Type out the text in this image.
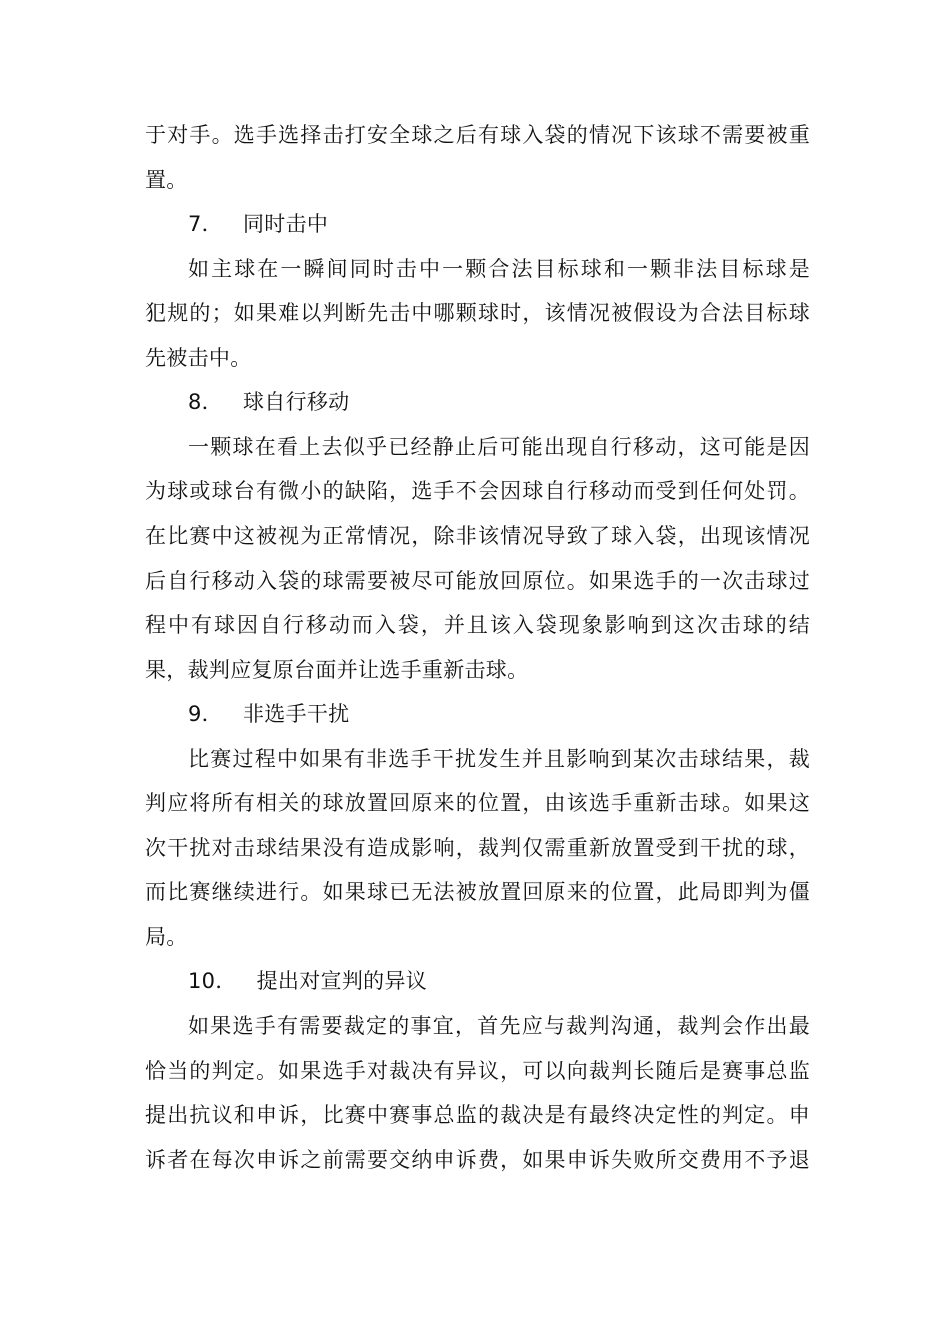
于对手。选手选择击打安全球之后有球入袋的情况下该球不需要被重
置。
7． 同时击中
如主球在一瞬间同时击中一颗合法目标球和一颗非法目标球是
犯规的；如果难以判断先击中哪颗球时，该情况被假设为合法目标球
先被击中。
8． 球自行移动
一颗球在看上去似乎已经静止后可能出现自行移动，这可能是因
为球或球台有微小的缺陷，选手不会因球自行移动而受到任何处罚。
在比赛中这被视为正常情况，除非该情况导致了球入袋，出现该情况
后自行移动入袋的球需要被尽可能放回原位。如果选手的一次击球过
程中有球因自行移动而入袋，并且该入袋现象影响到这次击球的结
果，裁判应复原台面并让选手重新击球。
9． 非选手干扰
比赛过程中如果有非选手干扰发生并且影响到某次击球结果，裁
判应将所有相关的球放置回原来的位置，由该选手重新击球。如果这
次干扰对击球结果没有造成影响，裁判仅需重新放置受到干扰的球，
而比赛继续进行。如果球已无法被放置回原来的位置，此局即判为僵
局。
10． 提出对宣判的异议
如果选手有需要裁定的事宜，首先应与裁判沟通，裁判会作出最
恰当的判定。如果选手对裁决有异议，可以向裁判长随后是赛事总监
提出抗议和申诉，比赛中赛事总监的裁决是有最终决定性的判定。申
诉者在每次申诉之前需要交纳申诉费，如果申诉失败所交费用不予退
